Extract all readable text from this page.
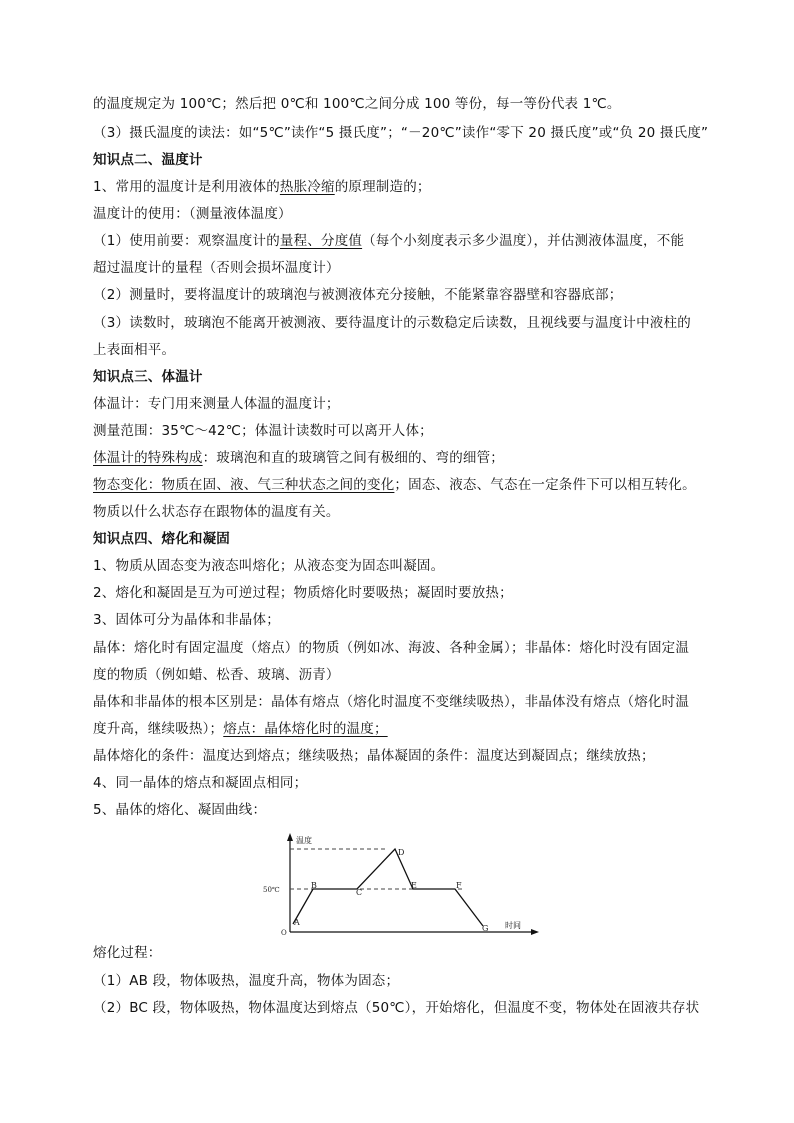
的温度规定为 100℃；然后把 0℃和 100℃之间分成 100 等份，每一等份代表 1℃。
（3）摄氏温度的读法：如“5℃”读作“5 摄氏度”；“－20℃”读作“零下 20 摄氏度”或“负 20 摄氏度”
知识点二、温度计
1、常用的温度计是利用液体的热胀冷缩的原理制造的；
温度计的使用：（测量液体温度）
（1）使用前要：观察温度计的量程、分度值（每个小刻度表示多少温度），并估测液体温度，不能
超过温度计的量程（否则会损坏温度计）
（2）测量时，要将温度计的玻璃泡与被测液体充分接触，不能紧靠容器壁和容器底部；
（3）读数时，玻璃泡不能离开被测液、要待温度计的示数稳定后读数，且视线要与温度计中液柱的
上表面相平。
知识点三、体温计
体温计：专门用来测量人体温的温度计；
测量范围：35℃～42℃；体温计读数时可以离开人体；
体温计的特殊构成：玻璃泡和直的玻璃管之间有极细的、弯的细管；
物态变化：物质在固、液、气三种状态之间的变化；固态、液态、气态在一定条件下可以相互转化。
物质以什么状态存在跟物体的温度有关。
知识点四、熔化和凝固
1、物质从固态变为液态叫熔化；从液态变为固态叫凝固。
2、熔化和凝固是互为可逆过程；物质熔化时要吸热；凝固时要放热；
3、固体可分为晶体和非晶体；
晶体：熔化时有固定温度（熔点）的物质（例如冰、海波、各种金属）；非晶体：熔化时没有固定温
度的物质（例如蜡、松香、玻璃、沥青）
晶体和非晶体的根本区别是：晶体有熔点（熔化时温度不变继续吸热），非晶体没有熔点（熔化时温
度升高，继续吸热）；熔点：晶体熔化时的温度；
晶体熔化的条件：温度达到熔点；继续吸热；晶体凝固的条件：温度达到凝固点；继续放热；
4、同一晶体的熔点和凝固点相同；
5、晶体的熔化、凝固曲线：
温度
时间
O
50℃
A
B
C
D
E	F
G
熔化过程：
（1）AB 段，物体吸热，温度升高，物体为固态；
（2）BC 段，物体吸热，物体温度达到熔点（50℃），开始熔化，但温度不变，物体处在固液共存状
